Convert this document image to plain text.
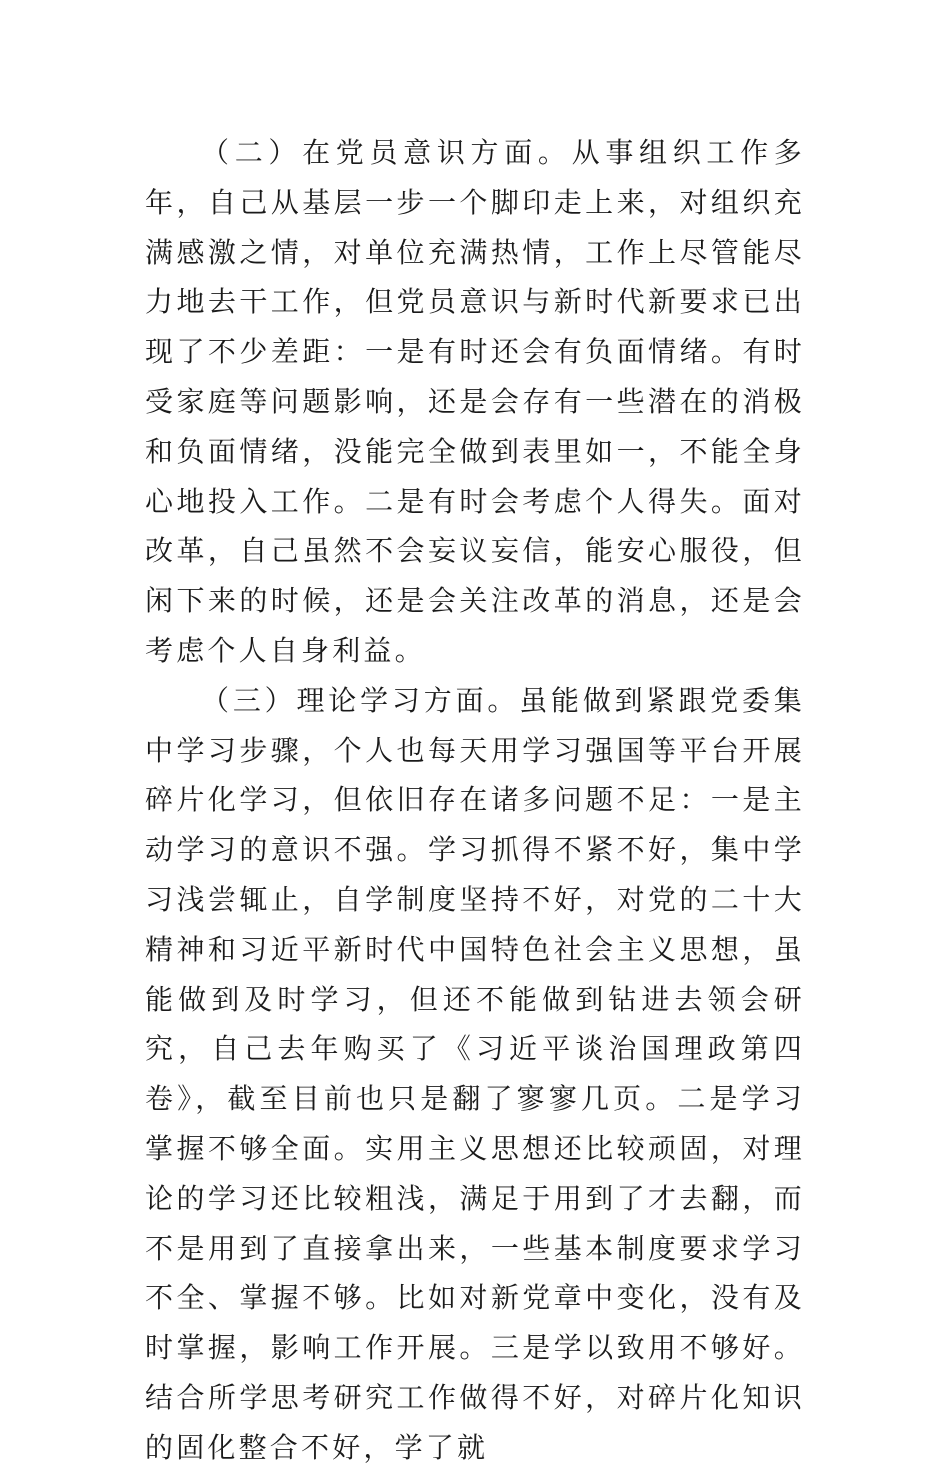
（二）在党员意识方面。从事组织工作多年，自己从基层一步一个脚印走上来，对组织充满感激之情，对单位充满热情，工作上尽管能尽力地去干工作，但党员意识与新时代新要求已出现了不少差距：一是有时还会有负面情绪。有时受家庭等问题影响，还是会存有一些潜在的消极和负面情绪，没能完全做到表里如一，不能全身心地投入工作。二是有时会考虑个人得失。面对改革，自己虽然不会妄议妄信，能安心服役，但闲下来的时候，还是会关注改革的消息，还是会考虑个人自身利益。

（三）理论学习方面。虽能做到紧跟党委集中学习步骤，个人也每天用学习强国等平台开展碎片化学习，但依旧存在诸多问题不足：一是主动学习的意识不强。学习抓得不紧不好，集中学习浅尝辄止，自学制度坚持不好，对党的二十大精神和习近平新时代中国特色社会主义思想，虽能做到及时学习，但还不能做到钻进去领会研究，自己去年购买了《习近平谈治国理政第四卷》，截至目前也只是翻了寥寥几页。二是学习掌握不够全面。实用主义思想还比较顽固，对理论的学习还比较粗浅，满足于用到了才去翻，而不是用到了直接拿出来，一些基本制度要求学习不全、掌握不够。比如对新党章中变化，没有及时掌握，影响工作开展。三是学以致用不够好。结合所学思考研究工作做得不好，对碎片化知识的固化整合不好，学了就
